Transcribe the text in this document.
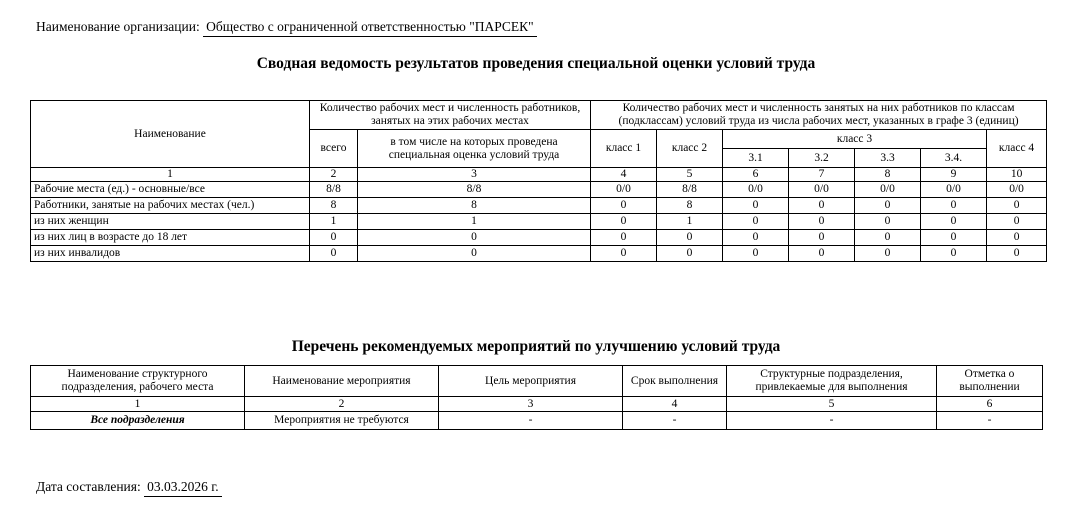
Наименование организации: Общество с ограниченной ответственностью "ПАРСЕК"
Сводная ведомость результатов проведения специальной оценки условий труда
Наименование	Количество рабочих мест и численность работников, занятых на этих рабочих местах		Количество рабочих мест и численность занятых на них работников по классам (подклассам) условий труда из числа рабочих мест, указанных в графе 3 (единиц)						
	всего	в том числе на которых проведена специальная оценка условий труда	класс 1	класс 2	класс 3				класс 4
					3.1	3.2	3.3	3.4.	
1	2	3	4	5	6	7	8	9	10
Рабочие места (ед.) - основные/все	8/8	8/8	0/0	8/8	0/0	0/0	0/0	0/0	0/0
Работники, занятые на рабочих местах (чел.)	8	8	0	8	0	0	0	0	0
из них женщин	1	1	0	1	0	0	0	0	0
из них лиц в возрасте до 18 лет	0	0	0	0	0	0	0	0	0
из них инвалидов	0	0	0	0	0	0	0	0	0
Перечень рекомендуемых мероприятий по улучшению условий труда
Наименование структурного подразделения, рабочего места	Наименование мероприятия	Цель мероприятия	Срок выполнения	Структурные подразделения, привлекаемые для выполнения	Отметка о выполнении
1	2	3	4	5	6
Все подразделения	Мероприятия не требуются	-	-	-	-
Дата составления: 03.03.2026 г.
